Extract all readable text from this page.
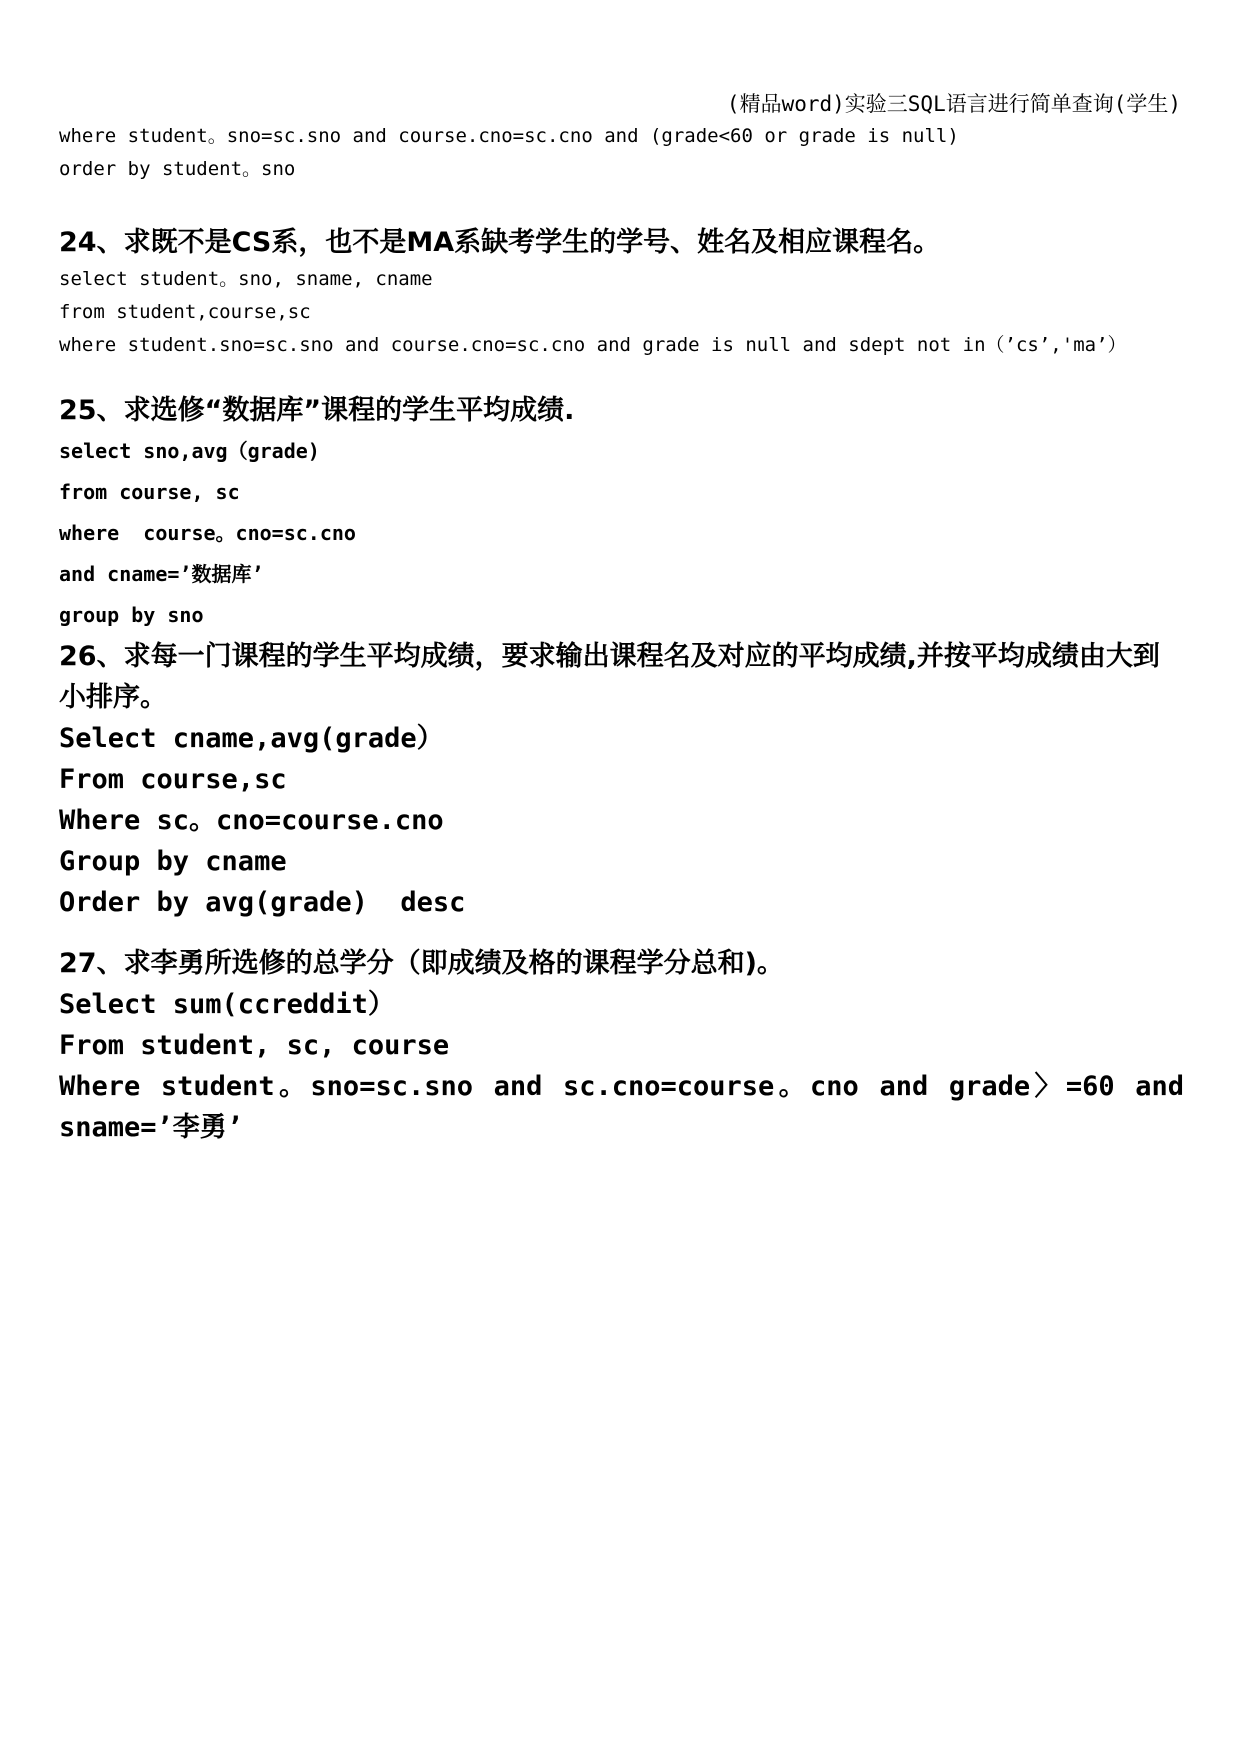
(精品word)实验三SQL语言进行简单查询(学生)

where student。sno=sc.sno and course.cno=sc.cno and (grade<60 or grade is null)

order by student。sno

24、求既不是CS系，也不是MA系缺考学生的学号、姓名及相应课程名。

select student。sno, sname, cname

from student,course,sc

where student.sno=sc.sno and course.cno=sc.cno and grade is null and sdept not in（’cs’,'ma’）

25、求选修“数据库”课程的学生平均成绩.

select sno,avg（grade)

from course, sc

where  course。cno=sc.cno

and cname=’数据库’

group by sno

26、求每一门课程的学生平均成绩，要求输出课程名及对应的平均成绩,并按平均成绩由大到小排序。

Select cname,avg(grade）

From course,sc

Where sc。cno=course.cno

Group by cname

Order by avg(grade)  desc

27、求李勇所选修的总学分（即成绩及格的课程学分总和)。

Select sum(ccreddit）

From student, sc, course

Where student。sno=sc.sno and sc.cno=course。cno and grade〉=60 and

sname=’李勇’
